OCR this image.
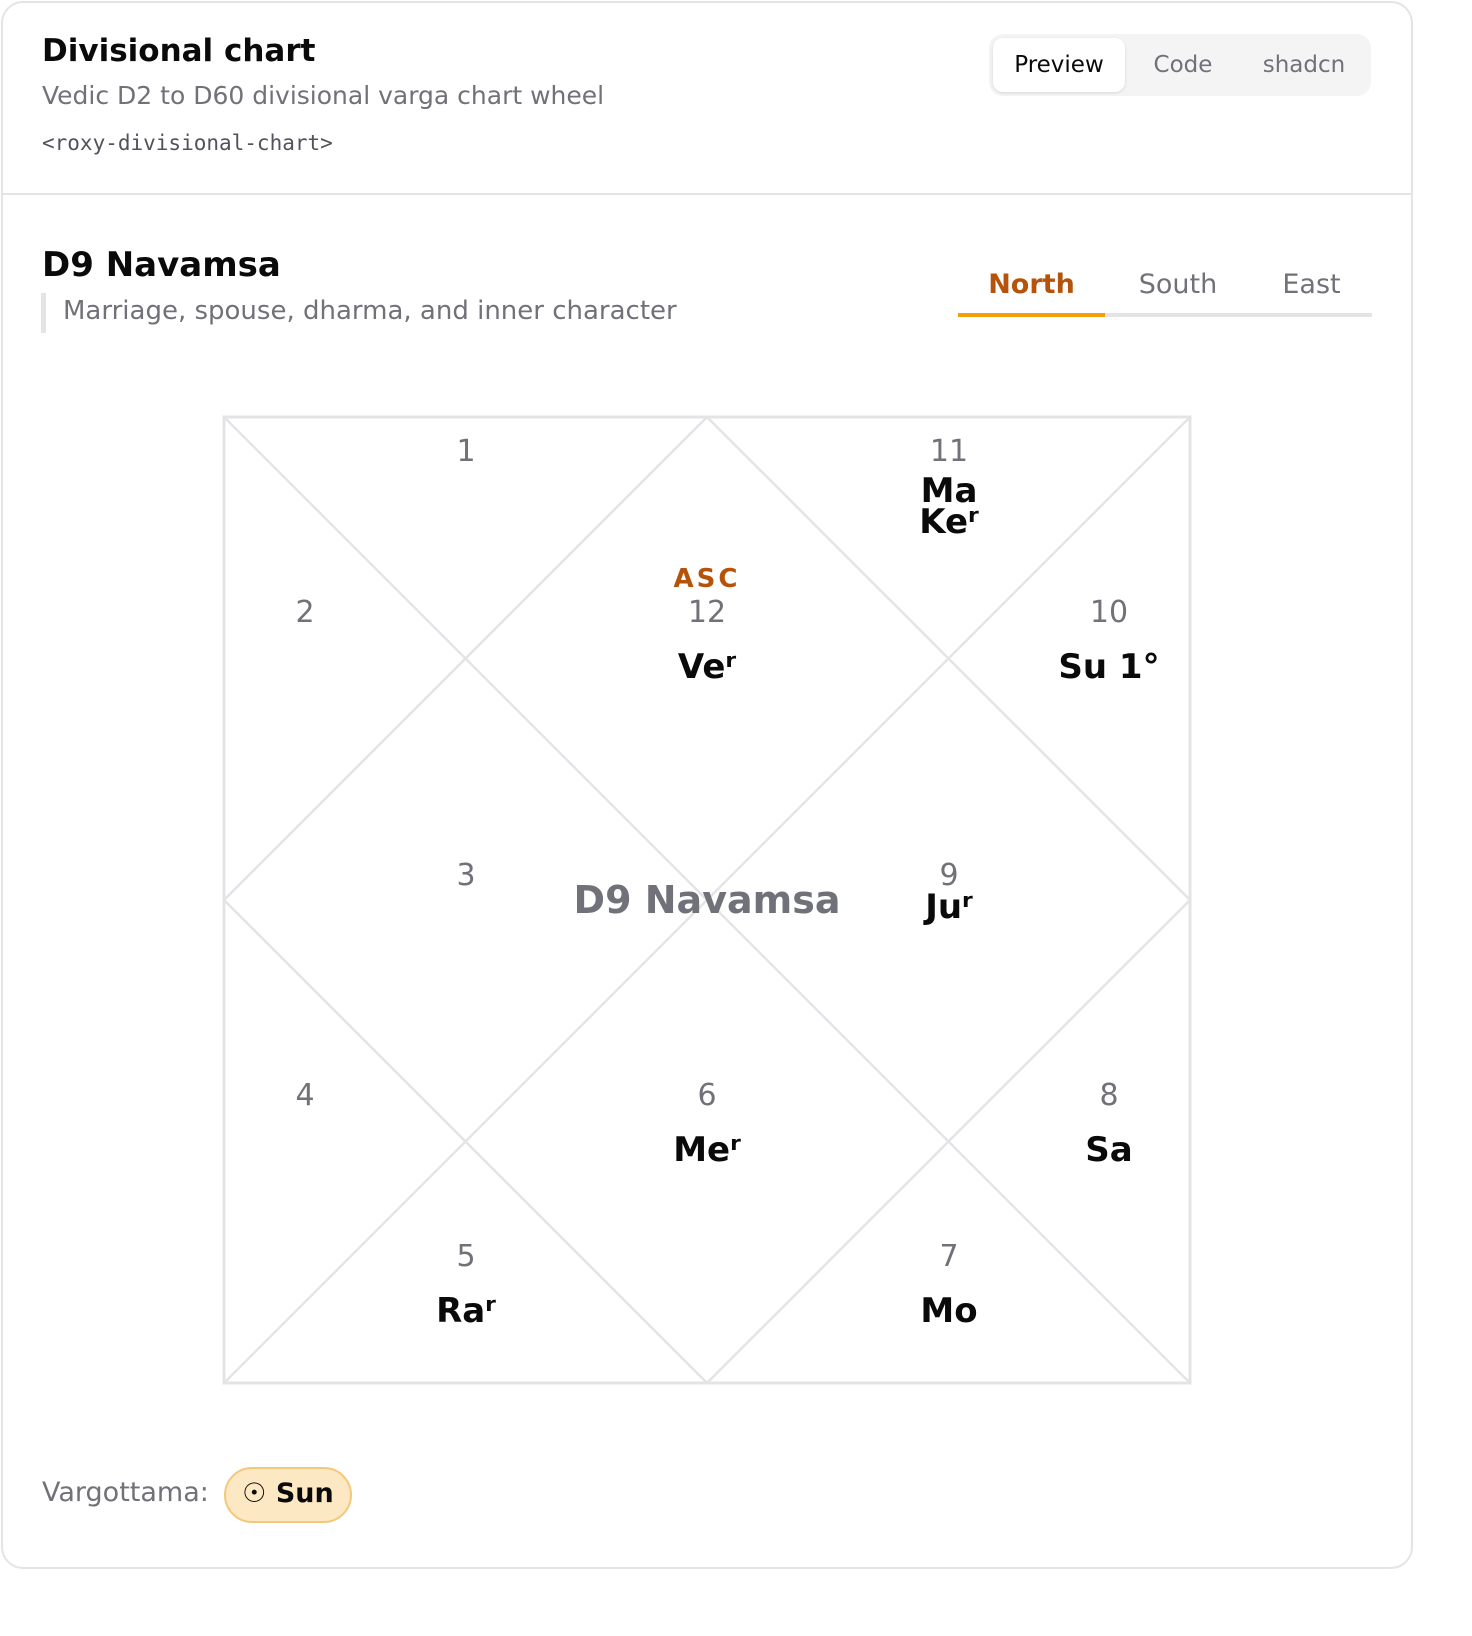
Divisional chart
Vedic D2 to D60 divisional varga chart wheel
<roxy-divisional-chart>
Preview	Code	shadcn
D9 Navamsa
Marriage, spouse, dharma, and inner character
North	South	East
D9 Navamsa
ASC
12
Veʳ
1
2
3
4
5
Raʳ
6
Meʳ
7
Mo
8
Sa
9
Juʳ
10
Su 1°
11
Ma
Keʳ
Vargottama:	☉ Sun
